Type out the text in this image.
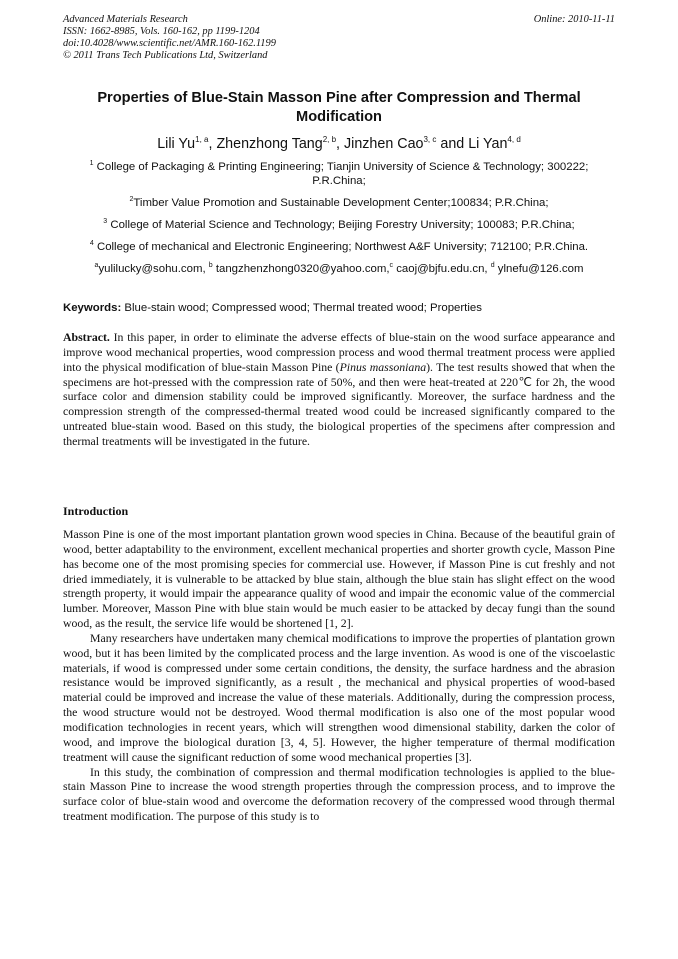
Advanced Materials Research
ISSN: 1662-8985, Vols. 160-162, pp 1199-1204
doi:10.4028/www.scientific.net/AMR.160-162.1199
© 2011 Trans Tech Publications Ltd, Switzerland
Online: 2010-11-11
Properties of Blue-Stain Masson Pine after Compression and Thermal
Modification
Lili Yu$^{1, a}$, Zhenzhong Tang$^{2, b}$, Jinzhen Cao$^{3, c}$ and Li Yan$^{4, d}$
$^1$ College of Packaging & Printing Engineering; Tianjin University of Science & Technology; 300222;
P.R.China;
$^2$Timber Value Promotion and Sustainable Development Center;100834; P.R.China;
$^3$ College of Material Science and Technology; Beijing Forestry University; 100083; P.R.China;
$^4$ College of mechanical and Electronic Engineering; Northwest A&F University; 712100; P.R.China.
$^a$yulilucky@sohu.com, $^b$ tangzhenzhong0320@yahoo.com,$^c$ caoj@bjfu.edu.cn, $^d$ ylnefu@126.com
Keywords: Blue-stain wood; Compressed wood; Thermal treated wood; Properties

Abstract. In this paper, in order to eliminate the adverse effects of blue-stain on the wood surface appearance and improve wood mechanical properties, wood compression process and wood thermal treatment process were applied into the physical modification of blue-stain Masson Pine (Pinus massoniana). The test results showed that when the specimens are hot-pressed with the compression rate of 50%, and then were heat-treated at 220℃ for 2h, the wood surface color and dimension stability could be improved significantly. Moreover, the surface hardness and the compression strength of the compressed-thermal treated wood could be increased significantly compared to the untreated blue-stain wood. Based on this study, the biological properties of the specimens after compression and thermal treatments will be investigated in the future.

Introduction

Masson Pine is one of the most important plantation grown wood species in China. Because of the beautiful grain of wood, better adaptability to the environment, excellent mechanical properties and shorter growth cycle, Masson Pine has become one of the most promising species for commercial use. However, if Masson Pine is cut freshly and not dried immediately, it is vulnerable to be attacked by blue stain, although the blue stain has slight effect on the wood strength property, it would impair the appearance quality of wood and impair the economic value of the commercial lumber. Moreover, Masson Pine with blue stain would be much easier to be attacked by decay fungi than the sound wood, as the result, the service life would be shortened [1, 2].

Many researchers have undertaken many chemical modifications to improve the properties of plantation grown wood, but it has been limited by the complicated process and the large invention. As wood is one of the viscoelastic materials, if wood is compressed under some certain conditions, the density, the surface hardness and the abrasion resistance would be improved significantly, as a result , the mechanical and physical properties of wood-based material could be improved and increase the value of these materials. Additionally, during the compression process, the wood structure would not be destroyed. Wood thermal modification is also one of the most popular wood modification technologies in recent years, which will strengthen wood dimensional stability, darken the color of wood, and improve the biological duration [3, 4, 5]. However, the higher temperature of thermal modification treatment will cause the significant reduction of some wood mechanical properties [3].

In this study, the combination of compression and thermal modification technologies is applied to the blue-stain Masson Pine to increase the wood strength properties through the compression process, and to improve the surface color of blue-stain wood and overcome the deformation recovery of the compressed wood through thermal treatment modification. The purpose of this study is to
